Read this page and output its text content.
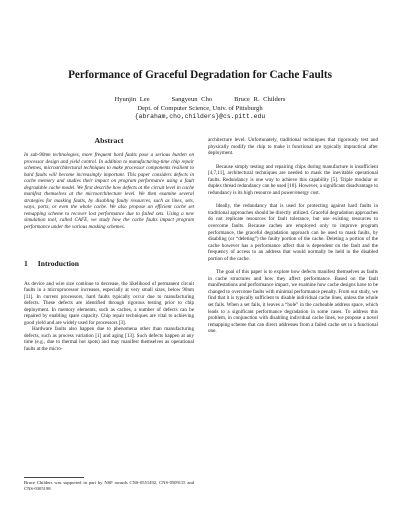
Performance of Graceful Degradation for Cache Faults
Hyunjin Lee      Sangyeun Cho      Bruce R. Childers
Dept. of Computer Science, Univ. of Pittsburgh
{abraham,cho,childers}@cs.pitt.edu
Abstract

In sub-90nm technologies, more frequent hard faults pose a serious burden on processor design and yield control. In addition to manufacturing-time chip repair schemes, microarchitectural techniques to make processor components resilient to hard faults will become increasingly important. This paper considers defects in cache memory and studies their impact on program performance using a fault degradable cache model. We first describe how defects at the circuit level in cache manifest themselves at the microarchitecture level. We then examine several strategies for masking faults, by disabling faulty resources, such as lines, sets, ways, ports, or even the whole cache. We also propose an efficient cache set remapping scheme to recover lost performance due to failed sets. Using a new simulation tool, called CAFE, we study how the cache faults impact program performance under the various masking schemes.

1 Introduction

As device and wire size continue to decrease, the likelihood of permanent circuit faults in a microprocessor increases, especially at very small sizes, below 90nm [11]. In current processors, hard faults typically occur due to manufacturing defects. These defects are identified through rigorous testing prior to chip deployment. In memory elements, such as caches, a number of defects can be repaired by enabling spare capacity. Chip repair techniques are vital to achieving good yield and are widely used for processors [3].

Hardware faults also happen due to phenomena other than manufacturing defects, such as process variation [1] and aging [13]. Such defects happen at any time (e.g., due to thermal hot spots) and may manifest themselves as operational faults at the micro-

architecture level. Unfortunately, traditional techniques that rigorously test and physically modify the chip to make it functional are typically impractical after deployment.

Because simply testing and repairing chips during manufacture is insufficient [4,7,11], architectural techniques are needed to mask the inevitable operational faults. Redundancy is one way to achieve this capability [5]. Triple modular or duplex thread redundancy can be used [10]. However, a significant disadvantage to redundancy is its high resource and power/energy cost.

Ideally, the redundancy that is used for protecting against hard faults in traditional approaches should be directly utilized. Graceful degradation approaches do not replicate resources for fault tolerance, but use existing resources to overcome faults. Because caches are employed only to improve program performance, the graceful degradation approach can be used to mask faults, by disabling (or “deleting”) the faulty portion of the cache. Deleting a portion of the cache however has a performance affect that is dependent on the fault and the frequency of access to an address that would normally be held in the disabled portion of the cache.

The goal of this paper is to explore how defects manifest themselves as faults in cache structures and how they affect performance. Based on the fault manifestations and performance impact, we examine how cache designs have to be changed to overcome faults with minimal performance penalty. From our study, we find that it is typically sufficient to disable individual cache lines, unless the whole set fails. When a set fails, it leaves a “hole” in the cacheable address space, which leads to a significant performance degradation in some cases. To address this problem, in conjunction with disabling individual cache lines, we propose a novel remapping scheme that can direct addresses from a failed cache set to a functional one.

Bruce Childers was supported in part by NSF awards CNS-0551492, CNS-0509115 and CNS-0305198.
